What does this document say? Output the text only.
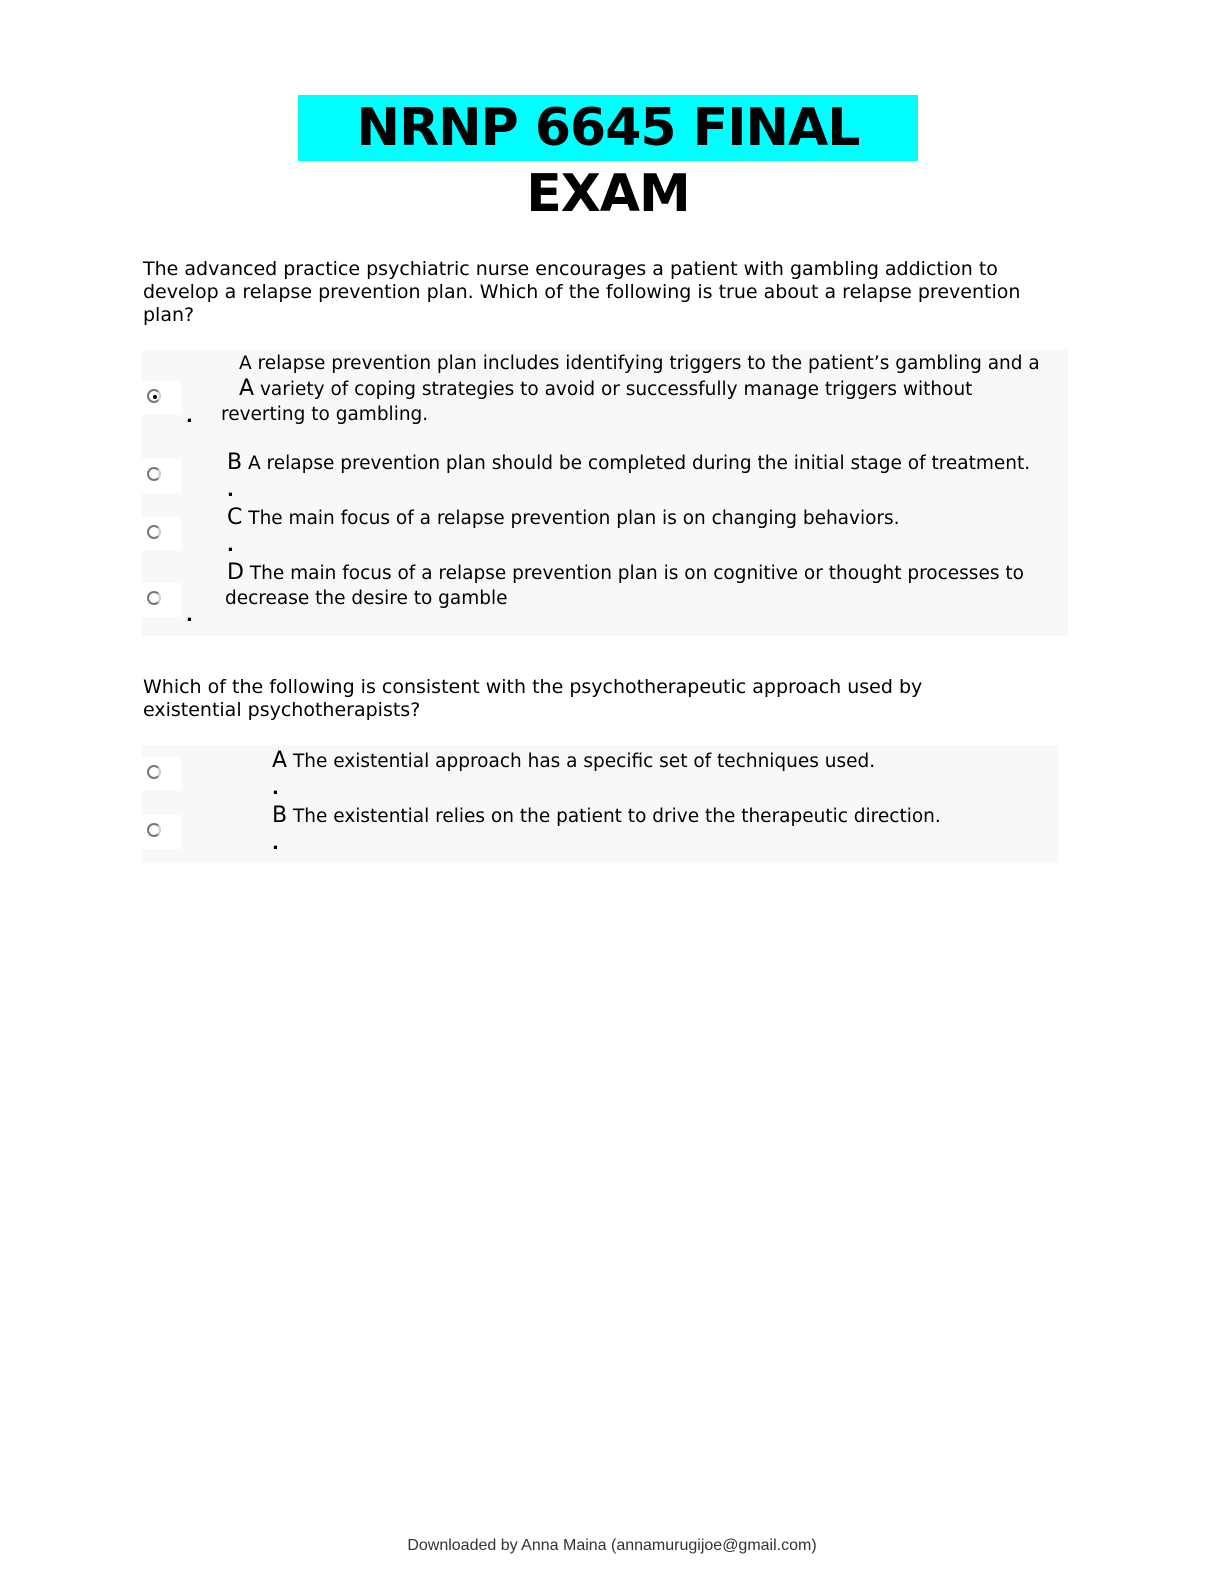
NRNP 6645 FINAL EXAM
The advanced practice psychiatric nurse encourages a patient with gambling addiction to develop a relapse prevention plan. Which of the following is true about a relapse prevention plan?
A relapse prevention plan includes identifying triggers to the patient’s gambling and a
A variety of coping strategies to avoid or successfully manage triggers without
. reverting to gambling.
B A relapse prevention plan should be completed during the initial stage of treatment.
.
C The main focus of a relapse prevention plan is on changing behaviors.
.
D The main focus of a relapse prevention plan is on cognitive or thought processes to
decrease the desire to gamble
.
Which of the following is consistent with the psychotherapeutic approach used by existential psychotherapists?
A The existential approach has a specific set of techniques used.
.
B The existential relies on the patient to drive the therapeutic direction.
.
Downloaded by Anna Maina (annamurugijoe@gmail.com)
